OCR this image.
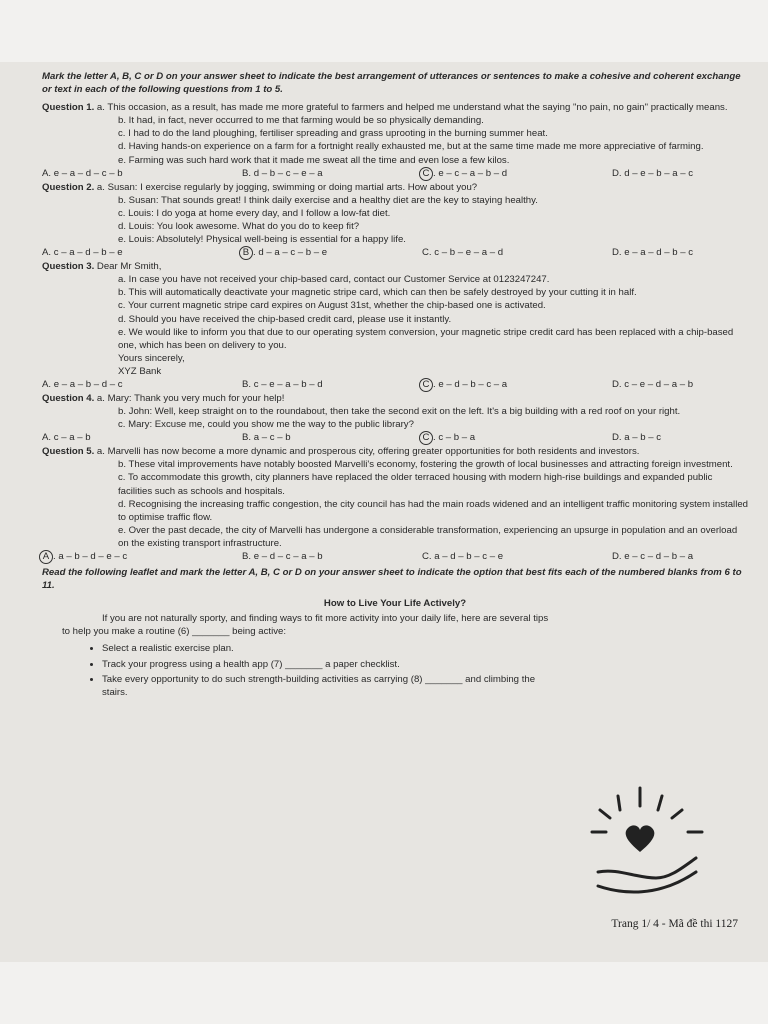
Mark the letter A, B, C or D on your answer sheet to indicate the best arrangement of utterances or sentences to make a cohesive and coherent exchange or text in each of the following questions from 1 to 5.

Question 1. a. This occasion, as a result, has made me more grateful to farmers and helped me understand what the saying "no pain, no gain" practically means.

b. It had, in fact, never occurred to me that farming would be so physically demanding.

c. I had to do the land ploughing, fertiliser spreading and grass uprooting in the burning summer heat.

d. Having hands-on experience on a farm for a fortnight really exhausted me, but at the same time made me more appreciative of farming.

e. Farming was such hard work that it made me sweat all the time and even lose a few kilos.

A. e – a – d – c – b	B. d – b – c – e – a	C . e – c – a – b – d	D. d – e – b – a – c

Question 2. a. Susan: I exercise regularly by jogging, swimming or doing martial arts. How about you?

b. Susan: That sounds great! I think daily exercise and a healthy diet are the key to staying healthy.

c. Louis: I do yoga at home every day, and I follow a low-fat diet.

d. Louis: You look awesome. What do you do to keep fit?

e. Louis: Absolutely! Physical well-being is essential for a happy life.

A. c – a – d – b – e	B . d – a – c – b – e	C. c – b – e – a – d	D. e – a – d – b – c

Question 3. Dear Mr Smith,

a. In case you have not received your chip-based card, contact our Customer Service at 0123247247.

b. This will automatically deactivate your magnetic stripe card, which can then be safely destroyed by your cutting it in half.

c. Your current magnetic stripe card expires on August 31st, whether the chip-based one is activated.

d. Should you have received the chip-based credit card, please use it instantly.

e. We would like to inform you that due to our operating system conversion, your magnetic stripe credit card has been replaced with a chip-based one, which has been on delivery to you.

Yours sincerely,

XYZ Bank

A. e – a – b – d – c	B. c – e – a – b – d	C . e – d – b – c – a	D. c – e – d – a – b

Question 4. a. Mary: Thank you very much for your help!

b. John: Well, keep straight on to the roundabout, then take the second exit on the left. It's a big building with a red roof on your right.

c. Mary: Excuse me, could you show me the way to the public library?

A. c – a – b	B. a – c – b	C . c – b – a	D. a – b – c

Question 5. a. Marvelli has now become a more dynamic and prosperous city, offering greater opportunities for both residents and investors.

b. These vital improvements have notably boosted Marvelli's economy, fostering the growth of local businesses and attracting foreign investment.

c. To accommodate this growth, city planners have replaced the older terraced housing with modern high-rise buildings and expanded public facilities such as schools and hospitals.

d. Recognising the increasing traffic congestion, the city council has had the main roads widened and an intelligent traffic monitoring system installed to optimise traffic flow.

e. Over the past decade, the city of Marvelli has undergone a considerable transformation, experiencing an upsurge in population and an overload on the existing transport infrastructure.

A . a – b – d – e – c	B. e – d – c – a – b	C. a – d – b – c – e	D. e – c – d – b – a

Read the following leaflet and mark the letter A, B, C or D on your answer sheet to indicate the option that best fits each of the numbered blanks from 6 to 11.

How to Live Your Life Actively?

If you are not naturally sporty, and finding ways to fit more activity into your daily life, here are several tips to help you make a routine (6) _______ being active:

• Select a realistic exercise plan.
• Track your progress using a health app (7) _______ a paper checklist.
• Take every opportunity to do such strength-building activities as carrying (8) _______ and climbing the stairs.
Trang 1/ 4 - Mã đề thi 1127
